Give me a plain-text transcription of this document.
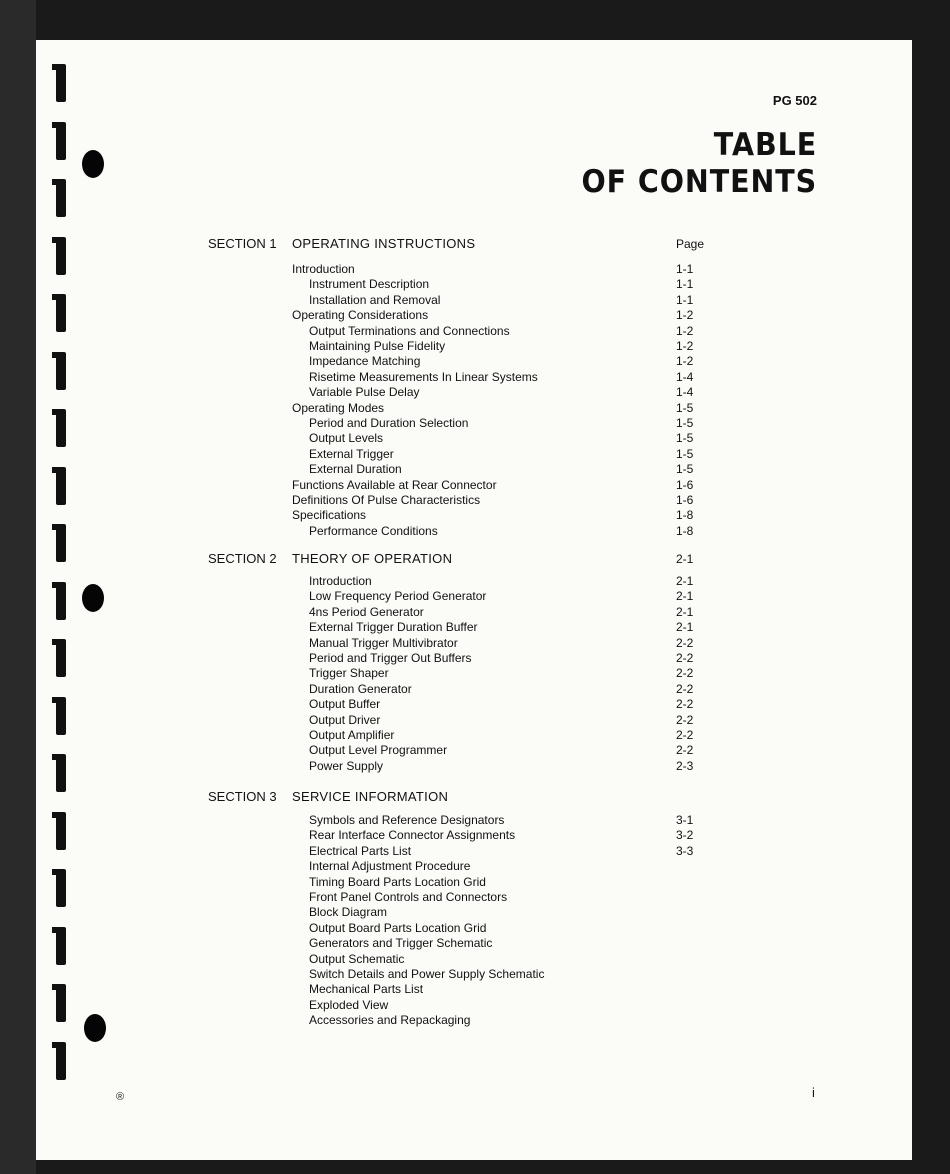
PG 502
TABLE
OF CONTENTS
SECTION 1 OPERATING INSTRUCTIONS	Page
Introduction	1-1
Instrument Description	1-1
Installation and Removal	1-1
Operating Considerations	1-2
Output Terminations and Connections	1-2
Maintaining Pulse Fidelity	1-2
Impedance Matching	1-2
Risetime Measurements In Linear Systems	1-4
Variable Pulse Delay	1-4
Operating Modes	1-5
Period and Duration Selection	1-5
Output Levels	1-5
External Trigger	1-5
External Duration	1-5
Functions Available at Rear Connector	1-6
Definitions Of Pulse Characteristics	1-6
Specifications	1-8
Performance Conditions	1-8
SECTION 2 THEORY OF OPERATION	2-1
Introduction	2-1
Low Frequency Period Generator	2-1
4ns Period Generator	2-1
External Trigger Duration Buffer	2-1
Manual Trigger Multivibrator	2-2
Period and Trigger Out Buffers	2-2
Trigger Shaper	2-2
Duration Generator	2-2
Output Buffer	2-2
Output Driver	2-2
Output Amplifier	2-2
Output Level Programmer	2-2
Power Supply	2-3
SECTION 3 SERVICE INFORMATION
Symbols and Reference Designators	3-1
Rear Interface Connector Assignments	3-2
Electrical Parts List	3-3
Internal Adjustment Procedure
Timing Board Parts Location Grid
Front Panel Controls and Connectors
Block Diagram
Output Board Parts Location Grid
Generators and Trigger Schematic
Output Schematic
Switch Details and Power Supply Schematic
Mechanical Parts List
Exploded View
Accessories and Repackaging
®	i
